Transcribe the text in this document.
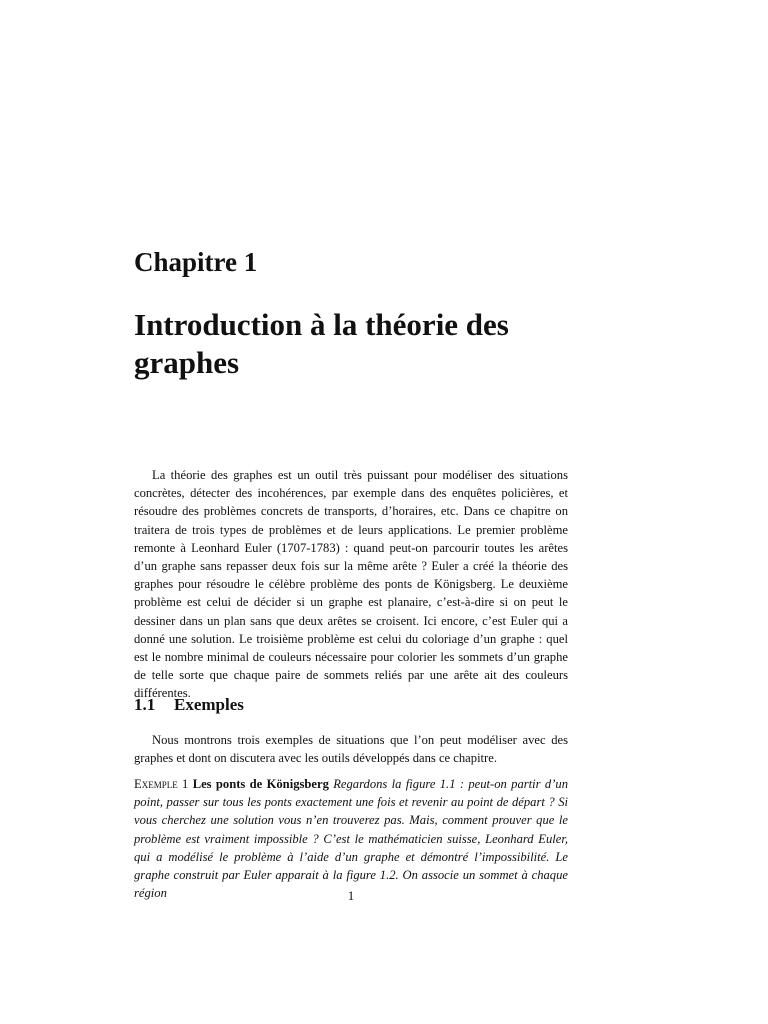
Chapitre 1
Introduction à la théorie des graphes

La théorie des graphes est un outil très puissant pour modéliser des situations concrètes, détecter des incohérences, par exemple dans des enquêtes policières, et résoudre des problèmes concrets de transports, d’horaires, etc. Dans ce chapitre on traitera de trois types de problèmes et de leurs applications. Le premier problème remonte à Leonhard Euler (1707-1783) : quand peut-on parcourir toutes les arêtes d’un graphe sans repasser deux fois sur la même arête ? Euler a créé la théorie des graphes pour résoudre le célèbre problème des ponts de Königsberg. Le deuxième problème est celui de décider si un graphe est planaire, c’est-à-dire si on peut le dessiner dans un plan sans que deux arêtes se croisent. Ici encore, c’est Euler qui a donné une solution. Le troisième problème est celui du coloriage d’un graphe : quel est le nombre minimal de couleurs nécessaire pour colorier les sommets d’un graphe de telle sorte que chaque paire de sommets reliés par une arête ait des couleurs différentes.

1.1 Exemples

Nous montrons trois exemples de situations que l’on peut modéliser avec des graphes et dont on discutera avec les outils développés dans ce chapitre.

Exemple 1 Les ponts de Königsberg Regardons la figure 1.1 : peut-on partir d’un point, passer sur tous les ponts exactement une fois et revenir au point de départ ? Si vous cherchez une solution vous n’en trouverez pas. Mais, comment prouver que le problème est vraiment impossible ? C’est le mathématicien suisse, Leonhard Euler, qui a modélisé le problème à l’aide d’un graphe et démontré l’impossibilité. Le graphe construit par Euler apparait à la figure 1.2. On associe un sommet à chaque région	1
